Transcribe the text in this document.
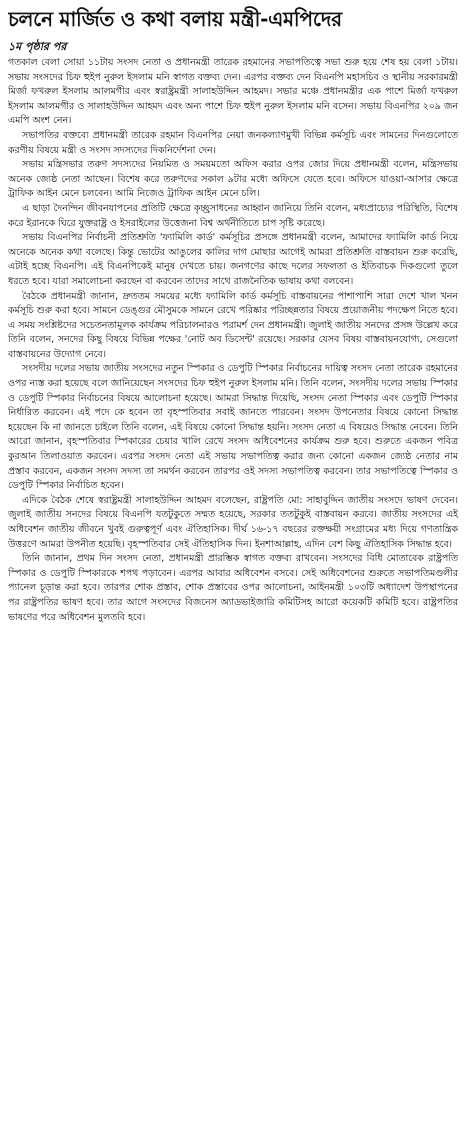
চলনে মার্জিত ও কথা বলায় মন্ত্রী-এমপিদের
১ম পৃষ্ঠার পর

গতকাল বেলা সোয়া ১১টায় সংসদ নেতা ও প্রধানমন্ত্রী তারেক রহমানের সভাপতিত্বে সভা শুরু হয়ে শেষ হয় বেলা ১টায়। সভায় সংসদের চিফ হুইপ নুরুল ইসলাম মনি স্বাগত বক্তব্য দেন। এরপর বক্তব্য দেন বিএনপি মহাসচিব ও স্থানীয় সরকারমন্ত্রী মির্জা ফখরুল ইসলাম আলমগীর এবং স্বরাষ্ট্রমন্ত্রী সালাহউদ্দিন আহমদ। সভার মঞ্চে প্রধানমন্ত্রীর এক পাশে মির্জা ফখরুল ইসলাম আলমগীর ও সালাহউদ্দিন আহমদ এবং অন্য পাশে চিফ হুইপ নুরুল ইসলাম মনি বসেন। সভায় বিএনপির ২০৯ জন এমপি অংশ নেন।

সভাপতির বক্তব্যে প্রধানমন্ত্রী তারেক রহমান বিএনপির নেয়া জনকল্যাণমুখী বিভিন্ন কর্মসূচি এবং সামনের দিনগুলোতে করণীয় বিষয়ে মন্ত্রী ও সংসদ সদস্যদের দিকনির্দেশনা দেন।

সভায় মন্ত্রিসভার তরুণ সদস্যদের নিয়মিত ও সময়মতো অফিস করার ওপর জোর দিয়ে প্রধানমন্ত্রী বলেন, মন্ত্রিসভায় অনেক জ্যেষ্ঠ নেতা আছেন। বিশেষ করে তরুণদের সকাল ৯টার মধ্যে অফিসে যেতে হবে। অফিসে যাওয়া-আসার ক্ষেত্রে ট্রাফিক আইন মেনে চলবেন। আমি নিজেও ট্রাফিক আইন মেনে চলি।

এ ছাড়া দৈনন্দিন জীবনযাপনের প্রতিটি ক্ষেত্রে কৃচ্ছ্রসাধনের আহ্বান জানিয়ে তিনি বলেন, মধ্যপ্রাচ্যের পরিস্থিতি, বিশেষ করে ইরানকে ঘিরে যুক্তরাষ্ট্র ও ইসরাইলের উত্তেজনা বিশ্ব অর্থনীতিতে চাপ সৃষ্টি করেছে।

সভায় বিএনপির নির্বাচনী প্রতিশ্রুতি 'ফ্যামিলি কার্ড' কর্মসূচির প্রসঙ্গে প্রধানমন্ত্রী বলেন, আমাদের ফ্যামিলি কার্ড নিয়ে অনেকে অনেক কথা বলেছে। কিন্তু ভোটের আঙুলের কালির দাগ মোছার আগেই আমরা প্রতিশ্রুতি বাস্তবায়ন শুরু করেছি, এটাই হচ্ছে বিএনপি। এই বিএনপিকেই মানুষ দেখতে চায়। জনগণের কাছে দলের সফলতা ও ইতিবাচক দিকগুলো তুলে ধরতে হবে। যারা সমালোচনা করছেন বা করবেন তাদের সাথে রাজনৈতিক ভাষায় কথা বলবেন।

বৈঠকে প্রধানমন্ত্রী জানান, দ্রুততম সময়ের মধ্যে ফ্যামিলি কার্ড কর্মসূচি বাস্তবায়নের পাশাপাশি সারা দেশে খাল খনন কর্মসূচি শুরু করা হবে। সামনে ডেঙ্গুর মৌসুমকে সামনে রেখে পরিষ্কার পরিচ্ছন্নতার বিষয়ে প্রয়োজনীয় পদক্ষেপ নিতে হবে। এ সময় সংশ্লিষ্টদের সচেতনতামূলক কার্যক্রম পরিচালনারও পরামর্শ দেন প্রধানমন্ত্রী। জুলাই জাতীয় সনদের প্রসঙ্গ উল্লেখ করে তিনি বলেন, সনদের কিছু বিষয়ে বিভিন্ন পক্ষের 'নোট অব ডিসেন্ট' রয়েছে। সরকার যেসব বিষয় বাস্তবায়নযোগ্য, সেগুলো বাস্তবায়নের উদ্যোগ নেবে।

সংসদীয় দলের সভায় জাতীয় সংসদের নতুন স্পিকার ও ডেপুটি স্পিকার নির্বাচনের দায়িত্ব সংসদ নেতা তারেক রহমানের ওপর ন্যস্ত করা হয়েছে বলে জানিয়েছেন সংসদের চিফ হুইপ নুরুল ইসলাম মনি। তিনি বলেন, সংসদীয় দলের সভায় স্পিকার ও ডেপুটি স্পিকার নির্বাচনের বিষয়ে আলোচনা হয়েছে। আমরা সিদ্ধান্ত দিয়েছি, সংসদ নেতা স্পিকার এবং ডেপুটি স্পিকার নির্ধারিত করবেন। এই পদে কে হবেন তা বৃহস্পতিবার সবাই জানতে পারবেন। সংসদ উপনেতার বিষয়ে কোনো সিদ্ধান্ত হয়েছেন কি না জানতে চাইলে তিনি বলেন, এই বিষয়ে কোনো সিদ্ধান্ত হয়নি। সংসদ নেতা এ বিষয়েও সিদ্ধান্ত নেবেন। তিনি আরো জানান, বৃহস্পতিবার স্পিকারের চেয়ার খালি রেখে সংসদ অধিবেশনের কার্যক্রম শুরু হবে। শুরুতে একজন পবিত্র কুরআন তিলাওয়াত করবেন। এরপর সংসদ নেতা এই সভায় সভাপতিত্ব করার জন্য কোনো একজন জ্যেষ্ঠ নেতার নাম প্রস্তাব করবেন, একজন সংসদ সদস্য তা সমর্থন করবেন তারপর ওই সদস্য সভাপতিত্ব করবেন। তার সভাপতিত্বে স্পিকার ও ডেপুটি স্পিকার নির্বাচিত হবেন।

এদিকে বৈঠক শেষে স্বরাষ্ট্রমন্ত্রী সালাহউদ্দিন আহমদ বলেছেন, রাষ্ট্রপতি মো: সাহাবুদ্দিন জাতীয় সংসদে ভাষণ দেবেন। জুলাই জাতীয় সনদের বিষয়ে বিএনপি যতটুকুতে সম্মত হয়েছে, সরকার ততটুকুই বাস্তবায়ন করবে। জাতীয় সংসদের এই অধিবেশন জাতীয় জীবনে খুবই গুরুত্বপূর্ণ এবং ঐতিহাসিক। দীর্ঘ ১৬-১৭ বছরের রক্তক্ষয়ী সংগ্রামের মধ্য দিয়ে গণতান্ত্রিক উত্তরণে আমরা উপনীত হয়েছি। বৃহস্পতিবার সেই ঐতিহাসিক দিন। ইনশাআল্লাহ, এদিন বেশ কিছু ঐতিহাসিক সিদ্ধান্ত হবে।

তিনি জানান, প্রথম দিন সংসদ নেতা, প্রধানমন্ত্রী প্রারম্ভিক স্বাগত বক্তব্য রাখবেন। সংসদের বিধি মোতাবেক রাষ্ট্রপতি স্পিকার ও ডেপুটি স্পিকারকে শপথ পড়াবেন। এরপর আবার অধিবেশন বসবে। সেই অধিবেশনের শুরুতে সভাপতিমণ্ডলীর প্যানেল চূড়ান্ত করা হবে। তারপর শোক প্রস্তাব, শোক প্রস্তাবের ওপর আলোচনা, আইনমন্ত্রী ১০৩টি অধ্যাদেশ উপস্থাপনের পর রাষ্ট্রপতির ভাষণ হবে। তার আগে সংসদের বিজনেস অ্যাডভাইজারি কমিটিসহ আরো কয়েকটি কমিটি হবে। রাষ্ট্রপতির ভাষণের পরে অধিবেশন মুলতবি হবে।
